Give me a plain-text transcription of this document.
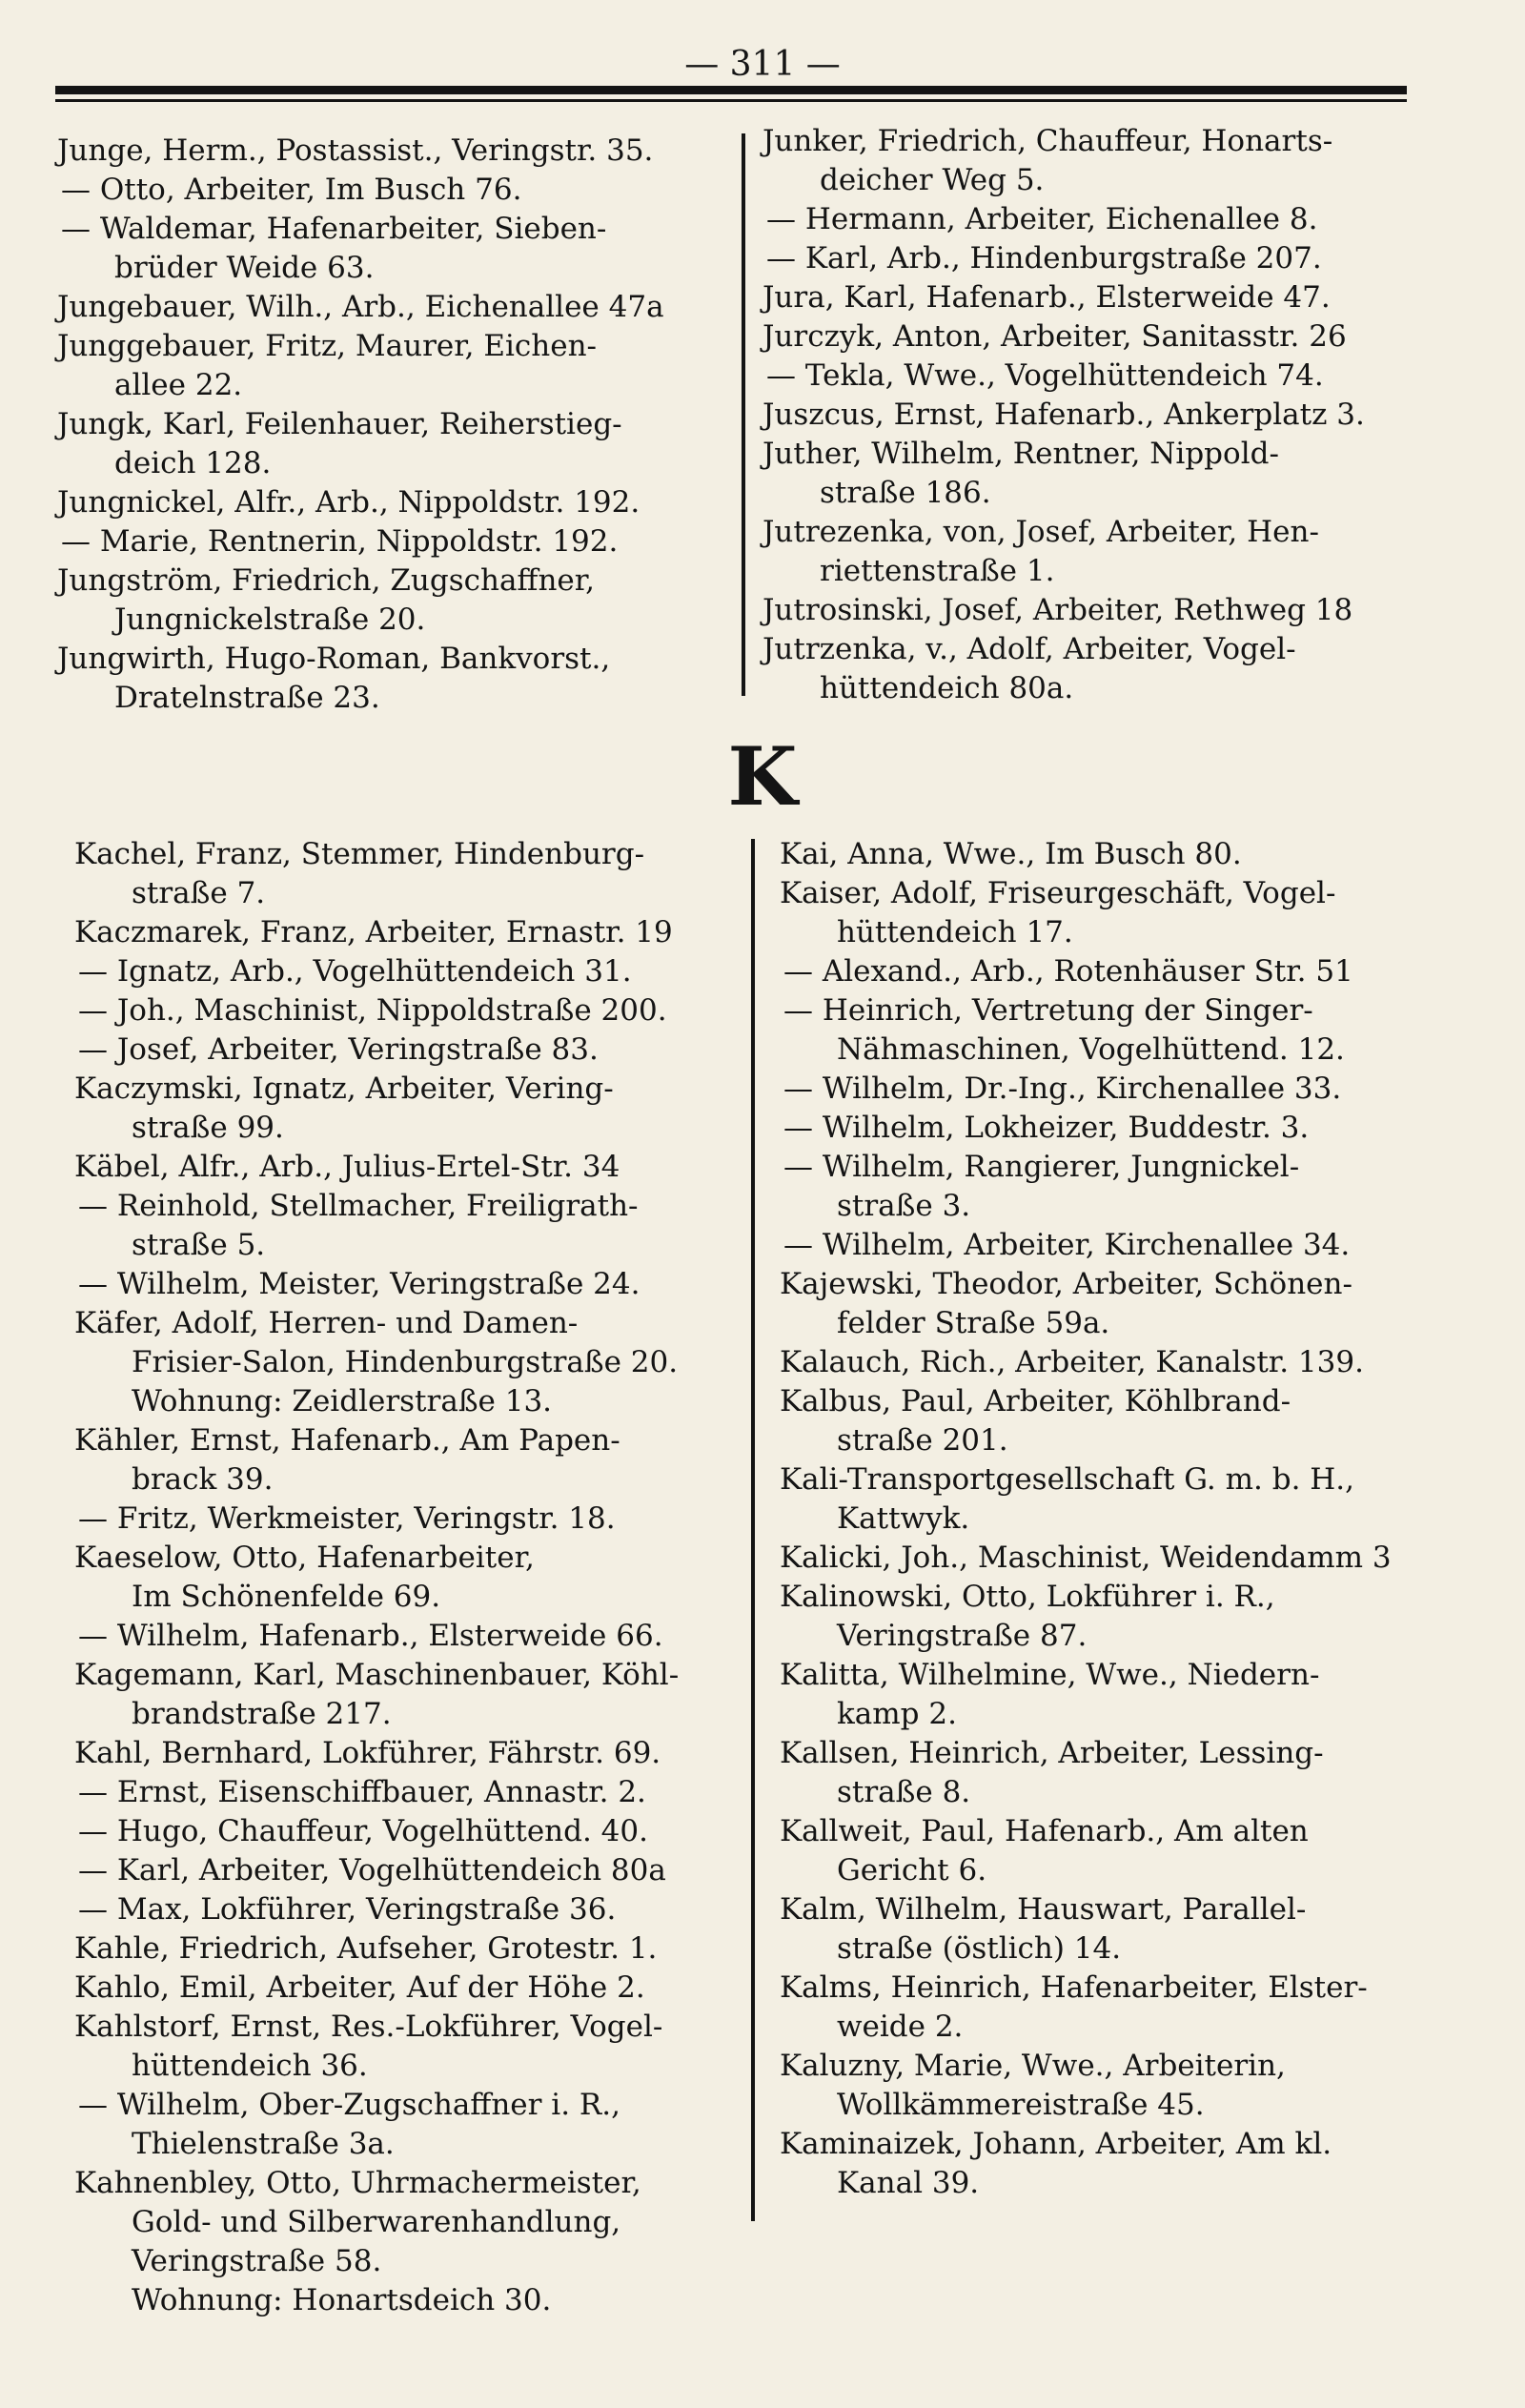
— 311 —
Junge, Herm., Postassist., Veringstr. 35.
— Otto, Arbeiter, Im Busch 76.
— Waldemar, Hafenarbeiter, Sieben-
brüder Weide 63.
Jungebauer, Wilh., Arb., Eichenallee 47a
Junggebauer, Fritz, Maurer, Eichen-
allee 22.
Jungk, Karl, Feilenhauer, Reiherstieg-
deich 128.
Jungnickel, Alfr., Arb., Nippoldstr. 192.
— Marie, Rentnerin, Nippoldstr. 192.
Jungström, Friedrich, Zugschaffner,
Jungnickelstraße 20.
Jungwirth, Hugo-Roman, Bankvorst.,
Dratelnstraße 23.
Junker, Friedrich, Chauffeur, Honarts-
deicher Weg 5.
— Hermann, Arbeiter, Eichenallee 8.
— Karl, Arb., Hindenburgstraße 207.
Jura, Karl, Hafenarb., Elsterweide 47.
Jurczyk, Anton, Arbeiter, Sanitasstr. 26
— Tekla, Wwe., Vogelhüttendeich 74.
Juszcus, Ernst, Hafenarb., Ankerplatz 3.
Juther, Wilhelm, Rentner, Nippold-
straße 186.
Jutrezenka, von, Josef, Arbeiter, Hen-
riettenstraße 1.
Jutrosinski, Josef, Arbeiter, Rethweg 18
Jutrzenka, v., Adolf, Arbeiter, Vogel-
hüttendeich 80a.
K
Kachel, Franz, Stemmer, Hindenburg-
straße 7.
Kaczmarek, Franz, Arbeiter, Ernastr. 19
— Ignatz, Arb., Vogelhüttendeich 31.
— Joh., Maschinist, Nippoldstraße 200.
— Josef, Arbeiter, Veringstraße 83.
Kaczymski, Ignatz, Arbeiter, Vering-
straße 99.
Käbel, Alfr., Arb., Julius-Ertel-Str. 34
— Reinhold, Stellmacher, Freiligrath-
straße 5.
— Wilhelm, Meister, Veringstraße 24.
Käfer, Adolf, Herren- und Damen-
Frisier-Salon, Hindenburgstraße 20.
Wohnung: Zeidlerstraße 13.
Kähler, Ernst, Hafenarb., Am Papen-
brack 39.
— Fritz, Werkmeister, Veringstr. 18.
Kaeselow, Otto, Hafenarbeiter,
Im Schönenfelde 69.
— Wilhelm, Hafenarb., Elsterweide 66.
Kagemann, Karl, Maschinenbauer, Köhl-
brandstraße 217.
Kahl, Bernhard, Lokführer, Fährstr. 69.
— Ernst, Eisenschiffbauer, Annastr. 2.
— Hugo, Chauffeur, Vogelhüttend. 40.
— Karl, Arbeiter, Vogelhüttendeich 80a
— Max, Lokführer, Veringstraße 36.
Kahle, Friedrich, Aufseher, Grotestr. 1.
Kahlo, Emil, Arbeiter, Auf der Höhe 2.
Kahlstorf, Ernst, Res.-Lokführer, Vogel-
hüttendeich 36.
— Wilhelm, Ober-Zugschaffner i. R.,
Thielenstraße 3a.
Kahnenbley, Otto, Uhrmachermeister,
Gold- und Silberwarenhandlung,
Veringstraße 58.
Wohnung: Honartsdeich 30.
Kai, Anna, Wwe., Im Busch 80.
Kaiser, Adolf, Friseurgeschäft, Vogel-
hüttendeich 17.
— Alexand., Arb., Rotenhäuser Str. 51
— Heinrich, Vertretung der Singer-
Nähmaschinen, Vogelhüttend. 12.
— Wilhelm, Dr.-Ing., Kirchenallee 33.
— Wilhelm, Lokheizer, Buddestr. 3.
— Wilhelm, Rangierer, Jungnickel-
straße 3.
— Wilhelm, Arbeiter, Kirchenallee 34.
Kajewski, Theodor, Arbeiter, Schönen-
felder Straße 59a.
Kalauch, Rich., Arbeiter, Kanalstr. 139.
Kalbus, Paul, Arbeiter, Köhlbrand-
straße 201.
Kali-Transportgesellschaft G. m. b. H.,
Kattwyk.
Kalicki, Joh., Maschinist, Weidendamm 3
Kalinowski, Otto, Lokführer i. R.,
Veringstraße 87.
Kalitta, Wilhelmine, Wwe., Niedern-
kamp 2.
Kallsen, Heinrich, Arbeiter, Lessing-
straße 8.
Kallweit, Paul, Hafenarb., Am alten
Gericht 6.
Kalm, Wilhelm, Hauswart, Parallel-
straße (östlich) 14.
Kalms, Heinrich, Hafenarbeiter, Elster-
weide 2.
Kaluzny, Marie, Wwe., Arbeiterin,
Wollkämmereistraße 45.
Kaminaizek, Johann, Arbeiter, Am kl.
Kanal 39.
